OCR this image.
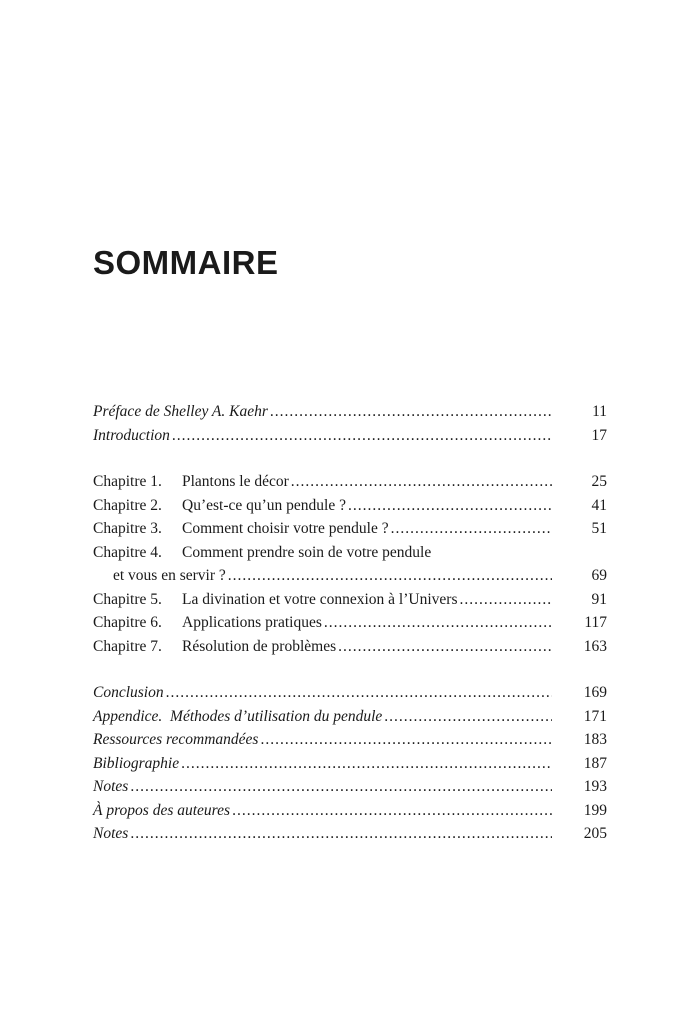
SOMMAIRE
Préface de Shelley A. Kaehr .....	11
Introduction .....	17
Chapitre 1.	Plantons le décor .....	25
Chapitre 2.	Qu’est-ce qu’un pendule ? .....	41
Chapitre 3.	Comment choisir votre pendule ? .....	51
Chapitre 4.	Comment prendre soin de votre pendule
et vous en servir ? .....	69
Chapitre 5.	La divination et votre connexion à l’Univers .....	91
Chapitre 6.	Applications pratiques .....	117
Chapitre 7.	Résolution de problèmes .....	163
Conclusion .....	169
Appendice.  Méthodes d’utilisation du pendule .....	171
Ressources recommandées .....	183
Bibliographie .....	187
Notes .....	193
À propos des auteures .....	199
Notes .....	205
